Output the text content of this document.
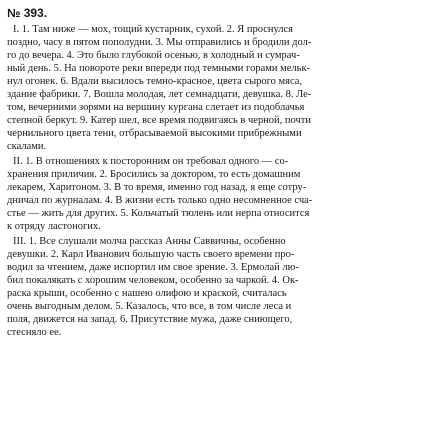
№ 393.
I. 1. Там ниже — мох, тощий кустарник, сухой. 2. Я проснулся
поздно, часу в пятом пополудни. 3. Мы отправились и бродили дол-
го до вечера. 4. Это было глубокой осенью, в холодный и сумрач-
ный день. 5. На повороте реки впереди под темными горами мельк-
нул огонек. 6. Вдали высилось темно-красное, цвета сырого мяса,
здание фабрики. 7. Вошла молодая, лет семнадцати, девушка. 8. Ле-
том, вечерними зорями на вершину кургана слетает из подоблачья
степной беркут. 9. Катер шел, все время подвигаясь в черной, почти
чернильного цвета тени, отбрасываемой высокими прибрежными
скалами.
II. 1. В отношениях к посторонним он требовал одного — со-
хранения приличия. 2. Бросились за доктором, то есть домашним
лекарем, Харитоном. 3. В то время, именно год назад, я еще сотру-
дничал по журналам. 4. В жизни есть только одно несомненное сча-
стье — жить для других. 5. Кольчатый тюлень или нерпа относится
к отряду ластоногих.
III. 1. Все слушали молча рассказ Анны Саввичны, особенно
девушки. 2. Карл Иванович большую часть своего времени про-
водил за чтением, даже испортил им свое зрение. 3. Ермолай лю-
бил покалякать с хорошим человеком, особенно за чаркой. 4. Ок-
раска крыши, особенно с нашею олифою и краской, считалась
очень выгодным делом. 5. Казалось, что все, в том числе леса и
поля, движется на запад. 6. Присутствие мужа, даже сниющего,
стесняло ее.
